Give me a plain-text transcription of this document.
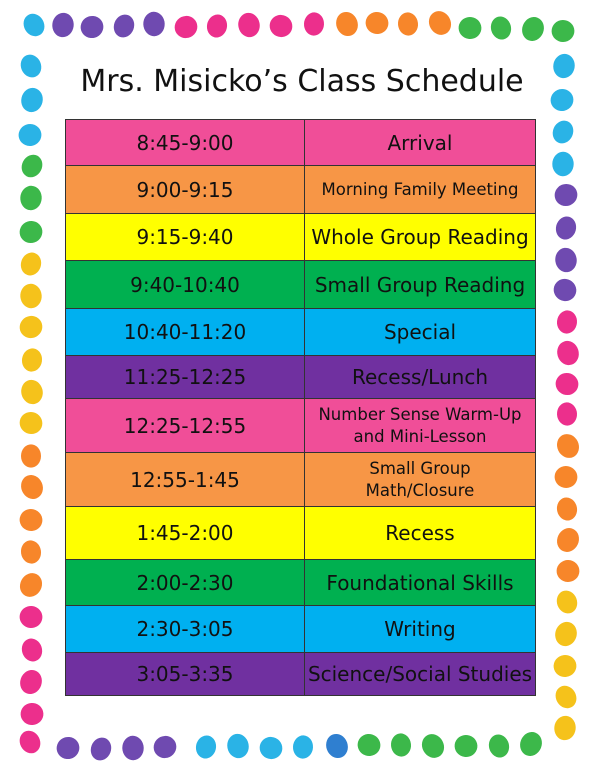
Mrs. Misicko’s Class Schedule
8:45-9:00	Arrival
9:00-9:15	Morning Family Meeting
9:15-9:40	Whole Group Reading
9:40-10:40	Small Group Reading
10:40-11:20	Special
11:25-12:25	Recess/Lunch
12:25-12:55	Number Sense Warm-Up
and Mini-Lesson
12:55-1:45	Small Group
Math/Closure
1:45-2:00	Recess
2:00-2:30	Foundational Skills
2:30-3:05	Writing
3:05-3:35	Science/Social Studies
